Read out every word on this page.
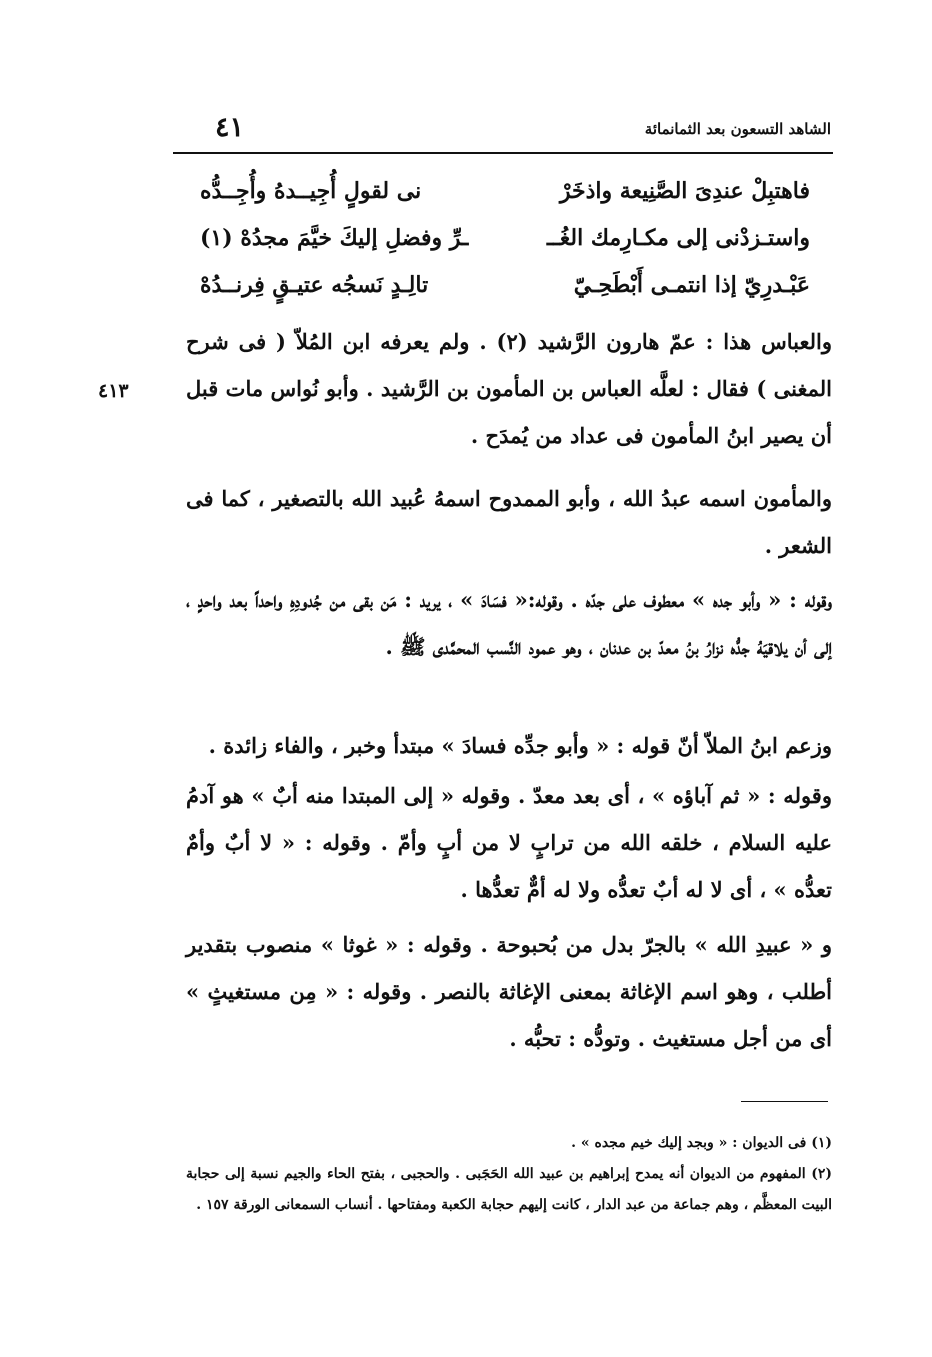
الشاهد التسعون بعد الثمانمائة
٤١
فاهتبِلْ عندِىَ الصَّنِيعة واذخَرْ
نى لقولٍ أُجِيــدهُ وأُجِــدُّه
واستـزدْنى إلى مكـارِمك الغُــ
ـرِّ وفضلِ إليكَ خيَّمَ مجدُهْ (١)
عَبْـدرِيّ إذا انتمـى أَبْطَحِـيّ
تالِـدٍ نَسجُه عتيـقٍ فِرنــدُهْ
٤١٣

والعباس هذا : عمّ هارون الرَّشيد (٢) . ولم يعرفه ابن المُلاّ ( فى شرح المغنى ) فقال : لعلَّه العباس بن المأمون بن الرَّشيد . وأبو نُواس مات قبل أن يصير ابنُ المأمون فى عداد من يُمدَح .

والمأمون اسمه عبدُ الله ، وأبو الممدوح اسمهُ عُبيد الله بالتصغير ، كما فى الشعر .

وقوله : « وأبو جده » معطوف على جدّه . وقوله:« فسَادَ » ، يريد : مَن بقى من جُدودِهِ واحداً بعد واحدٍ ، إلى أن يلاقيَهُ جدُّه نزارُ بنُ معدّ بن عدنان ، وهو عمود النَّسب المحمَّدى ﷺ .

وزعم ابنُ الملاّ أنّ قوله : « وأبو جدِّه فسادَ » مبتدأ وخبر ، والفاء زائدة .

وقوله : « ثم آباؤه » ، أى بعد معدّ . وقوله « إلى المبتدا منه أبٌ » هو آدمُ عليه السلام ، خلقه الله من ترابٍ لا من أبٍ وأمّ . وقوله : « لا أبٌ وأمٌ تعدُّه » ، أى لا له أبٌ تعدُّه ولا له أمٌّ تعدُّها .

و « عبيدِ الله » بالجرّ بدل من بُحبوحة . وقوله : « غوثا » منصوب بتقدير أطلب ، وهو اسم الإغاثة بمعنى الإغاثة بالنصر . وقوله : « مِن مستغيثٍ » أى من أجل مستغيث . وتودُّه : تحبُّه .

(١) فى الديوان : « وبجد إليك خيم مجده » .

(٢) المفهوم من الديوان أنه يمدح إبراهيم بن عبيد الله الحَجَبى . والحجبى ، بفتح الحاء والجيم نسبة إلى حجابة البيت المعظَّم ، وهم جماعة من عبد الدار ، كانت إليهم حجابة الكعبة ومفتاحها . أنساب السمعانى الورقة ١٥٧ .
